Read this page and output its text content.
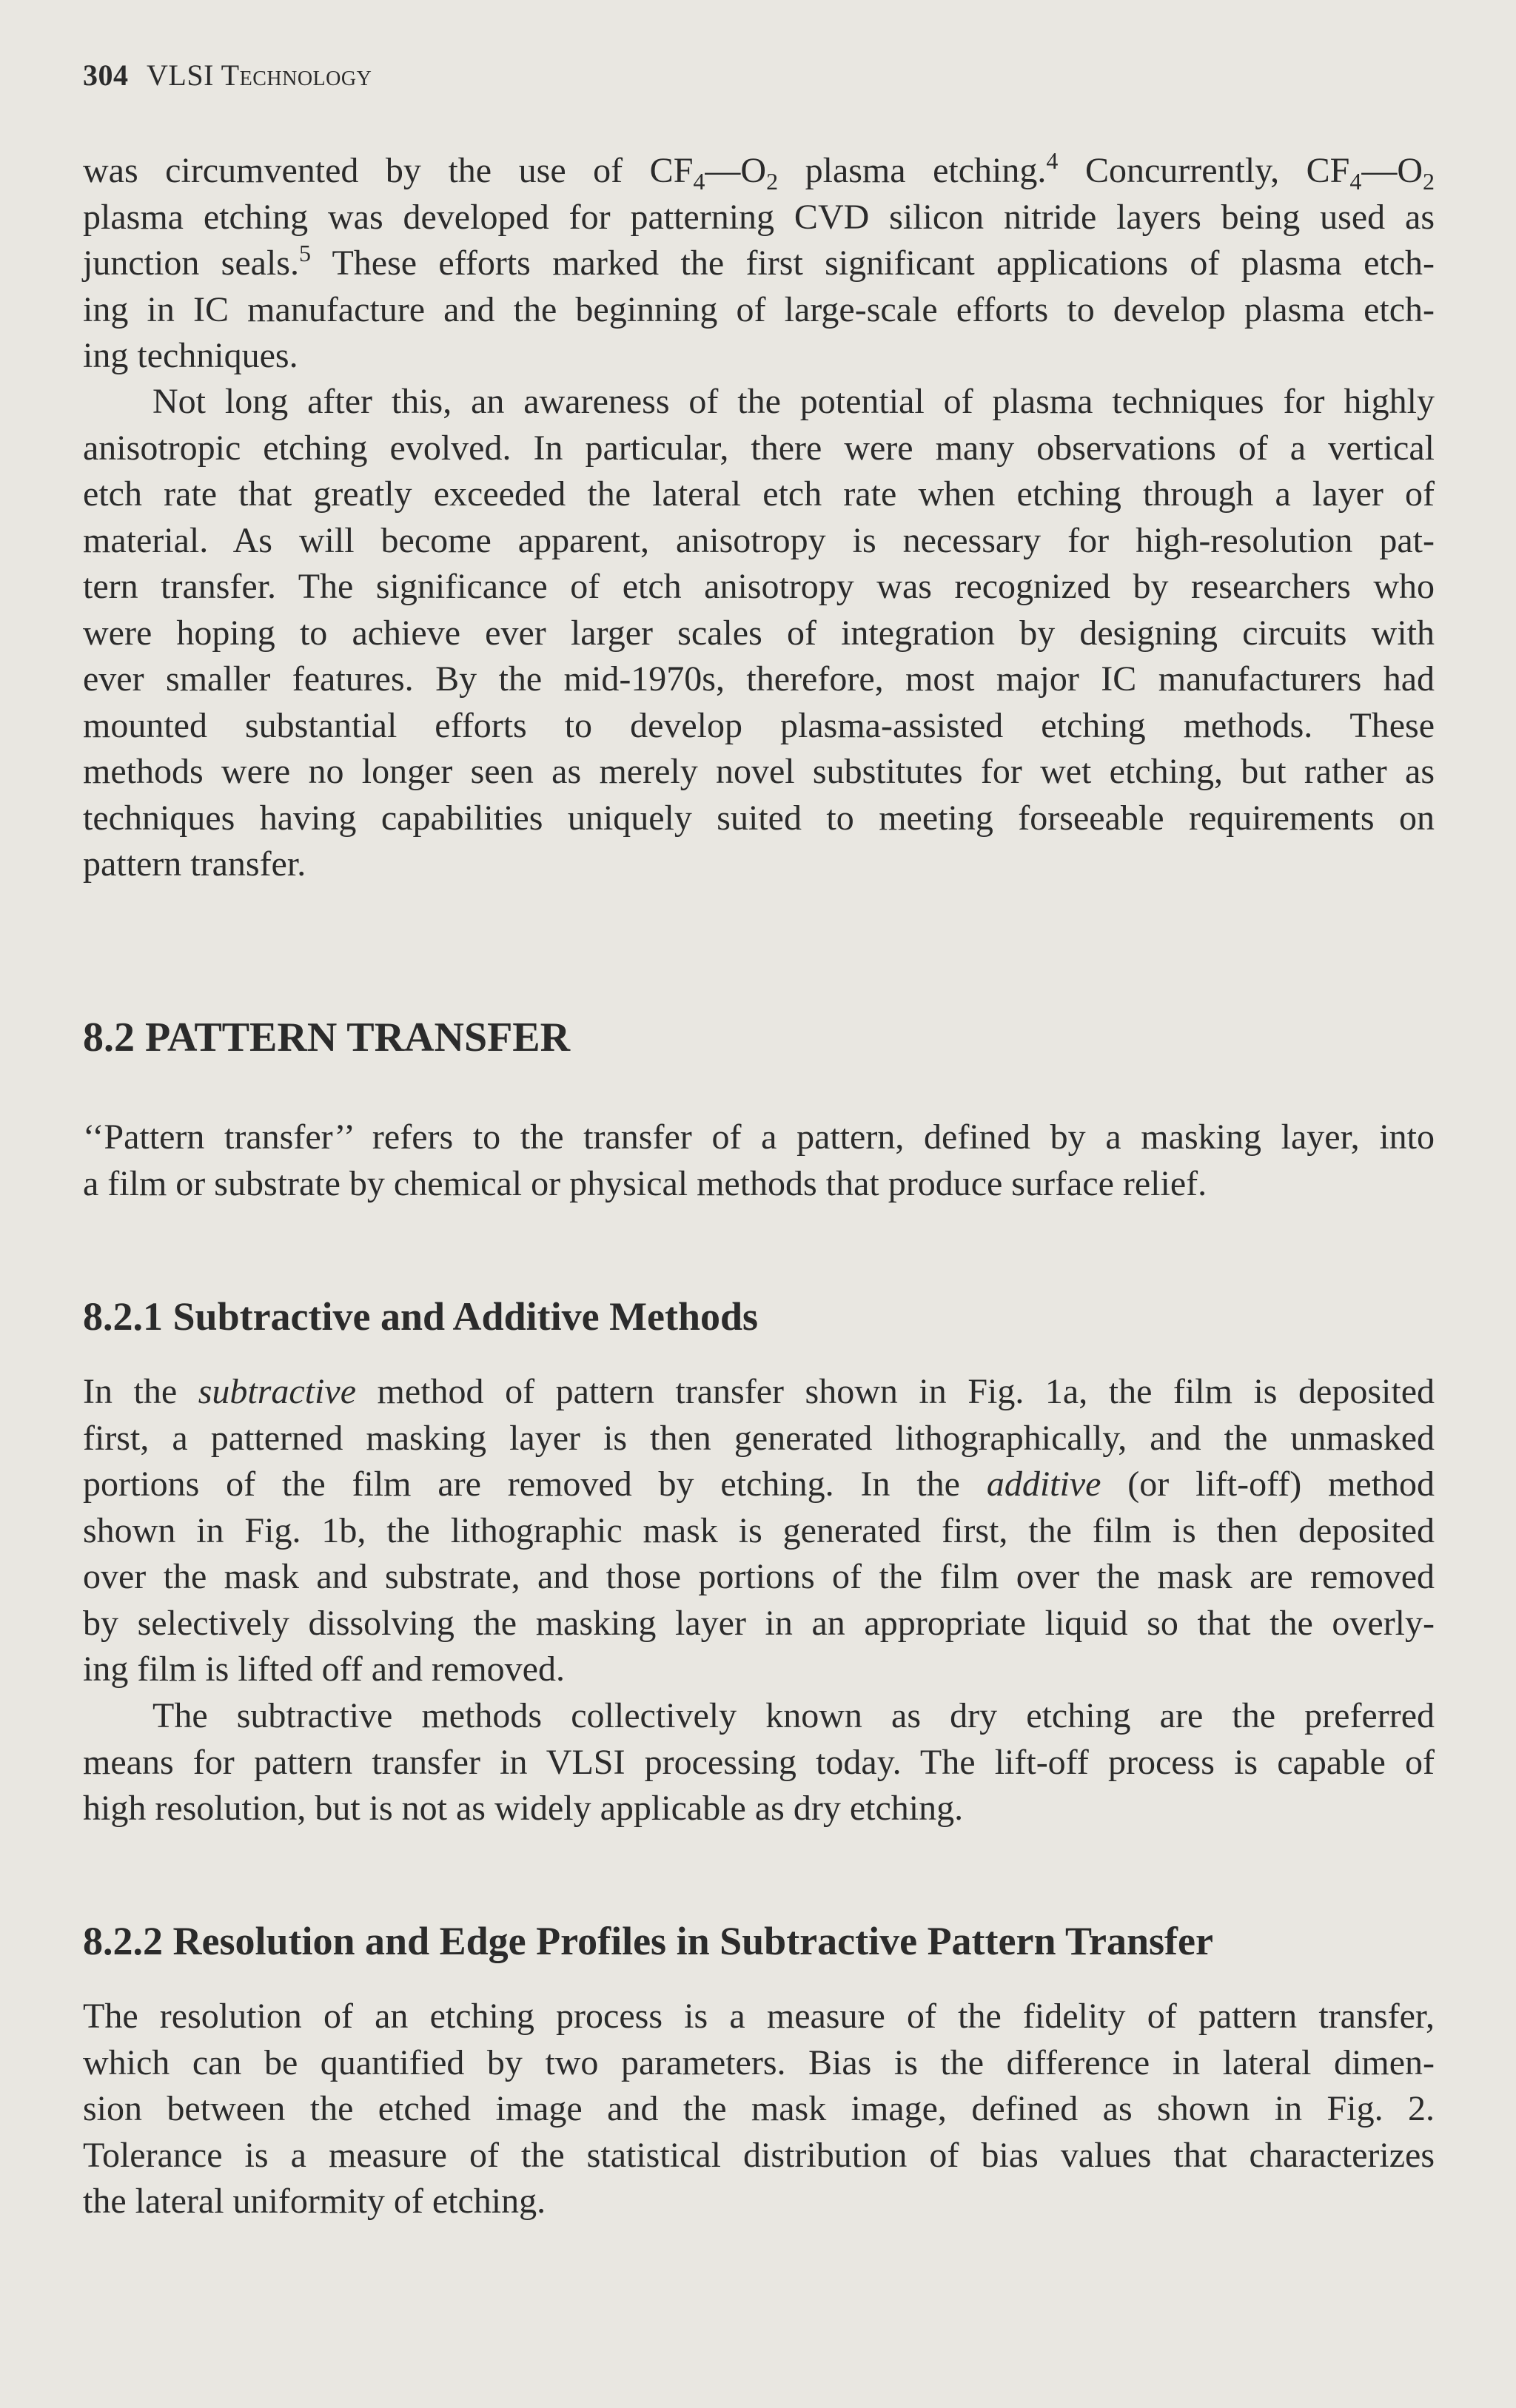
304 VLSI Technology

was circumvented by the use of $CF_4—O_2$ plasma etching.$^4$ Concurrently, $CF_4—O_2$
plasma etching was developed for patterning CVD silicon nitride layers being used as
junction seals.$^5$ These efforts marked the first significant applications of plasma etch-
ing in IC manufacture and the beginning of large-scale efforts to develop plasma etch-
ing techniques.

Not long after this, an awareness of the potential of plasma techniques for highly
anisotropic etching evolved. In particular, there were many observations of a vertical
etch rate that greatly exceeded the lateral etch rate when etching through a layer of
material. As will become apparent, anisotropy is necessary for high-resolution pat-
tern transfer. The significance of etch anisotropy was recognized by researchers who
were hoping to achieve ever larger scales of integration by designing circuits with
ever smaller features. By the mid-1970s, therefore, most major IC manufacturers had
mounted substantial efforts to develop plasma-assisted etching methods. These
methods were no longer seen as merely novel substitutes for wet etching, but rather as
techniques having capabilities uniquely suited to meeting forseeable requirements on
pattern transfer.

8.2 PATTERN TRANSFER

‘‘Pattern transfer’’ refers to the transfer of a pattern, defined by a masking layer, into
a film or substrate by chemical or physical methods that produce surface relief.

8.2.1 Subtractive and Additive Methods

In the subtractive method of pattern transfer shown in Fig. 1a, the film is deposited
first, a patterned masking layer is then generated lithographically, and the unmasked
portions of the film are removed by etching. In the additive (or lift-off) method
shown in Fig. 1b, the lithographic mask is generated first, the film is then deposited
over the mask and substrate, and those portions of the film over the mask are removed
by selectively dissolving the masking layer in an appropriate liquid so that the overly-
ing film is lifted off and removed.

The subtractive methods collectively known as dry etching are the preferred
means for pattern transfer in VLSI processing today. The lift-off process is capable of
high resolution, but is not as widely applicable as dry etching.

8.2.2 Resolution and Edge Profiles in Subtractive Pattern Transfer

The resolution of an etching process is a measure of the fidelity of pattern transfer,
which can be quantified by two parameters. Bias is the difference in lateral dimen-
sion between the etched image and the mask image, defined as shown in Fig. 2.
Tolerance is a measure of the statistical distribution of bias values that characterizes
the lateral uniformity of etching.
